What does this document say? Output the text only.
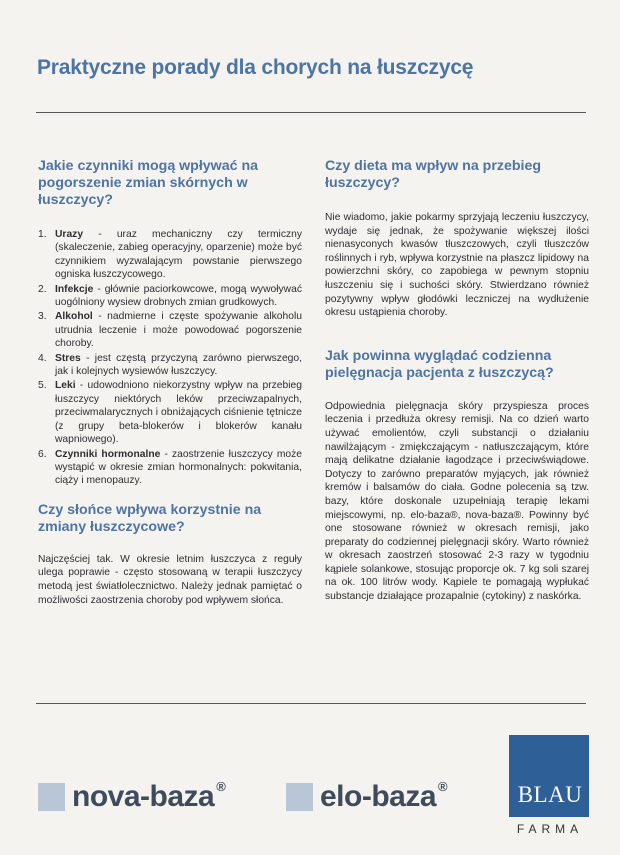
Praktyczne porady dla chorych na łuszczycę
Jakie czynniki mogą wpływać na pogorszenie zmian skórnych w łuszczycy?
1. Urazy - uraz mechaniczny czy termiczny (skaleczenie, zabieg operacyjny, oparzenie) może być czynnikiem wyzwalającym powstanie pierwszego ogniska łuszczycowego.
2. Infekcje - głównie paciorkowcowe, mogą wywoływać uogólniony wysiew drobnych zmian grudkowych.
3. Alkohol - nadmierne i częste spożywanie alkoholu utrudnia leczenie i może powodować pogorszenie choroby.
4. Stres - jest częstą przyczyną zarówno pierwszego, jak i kolejnych wysiewów łuszczycy.
5. Leki - udowodniono niekorzystny wpływ na przebieg łuszczycy niektórych leków przeciwzapalnych, przeciwmalarycznych i obniżających ciśnienie tętnicze (z grupy beta-blokerów i blokerów kanału wapniowego).
6. Czynniki hormonalne - zaostrzenie łuszczycy może wystąpić w okresie zmian hormonalnych: pokwitania, ciąży i menopauzy.
Czy słońce wpływa korzystnie na zmiany łuszczycowe?

Najczęściej tak. W okresie letnim łuszczyca z reguły ulega poprawie - często stosowaną w terapii łuszczycy metodą jest światłolecznictwo. Należy jednak pamiętać o możliwości zaostrzenia choroby pod wpływem słońca.

Czy dieta ma wpływ na przebieg łuszczycy?

Nie wiadomo, jakie pokarmy sprzyjają leczeniu łuszczycy, wydaje się jednak, że spożywanie większej ilości nienasyconych kwasów tłuszczowych, czyli tłuszczów roślinnych i ryb, wpływa korzystnie na płaszcz lipidowy na powierzchni skóry, co zapobiega w pewnym stopniu łuszczeniu się i suchości skóry. Stwierdzano również pozytywny wpływ głodówki leczniczej na wydłużenie okresu ustąpienia choroby.

Jak powinna wyglądać codzienna pielęgnacja pacjenta z łuszczycą?

Odpowiednia pielęgnacja skóry przyspiesza proces leczenia i przedłuża okresy remisji. Na co dzień warto używać emolientów, czyli substancji o działaniu nawilżającym - zmiękczającym - natłuszczającym, które mają delikatne działanie łagodzące i przeciwświądowe. Dotyczy to zarówno preparatów myjących, jak również kremów i balsamów do ciała. Godne polecenia są tzw. bazy, które doskonale uzupełniają terapię lekami miejscowymi, np. elo-baza®, nova-baza®. Powinny być one stosowane również w okresach remisji, jako preparaty do codziennej pielęgnacji skóry. Warto również w okresach zaostrzeń stosować 2-3 razy w tygodniu kąpiele solankowe, stosując proporcje ok. 7 kg soli szarej na ok. 100 litrów wody. Kąpiele te pomagają wypłukać substancje działające prozapalnie (cytokiny) z naskórka.

nova-baza ®	elo-baza ®	BLAU
FARMA
